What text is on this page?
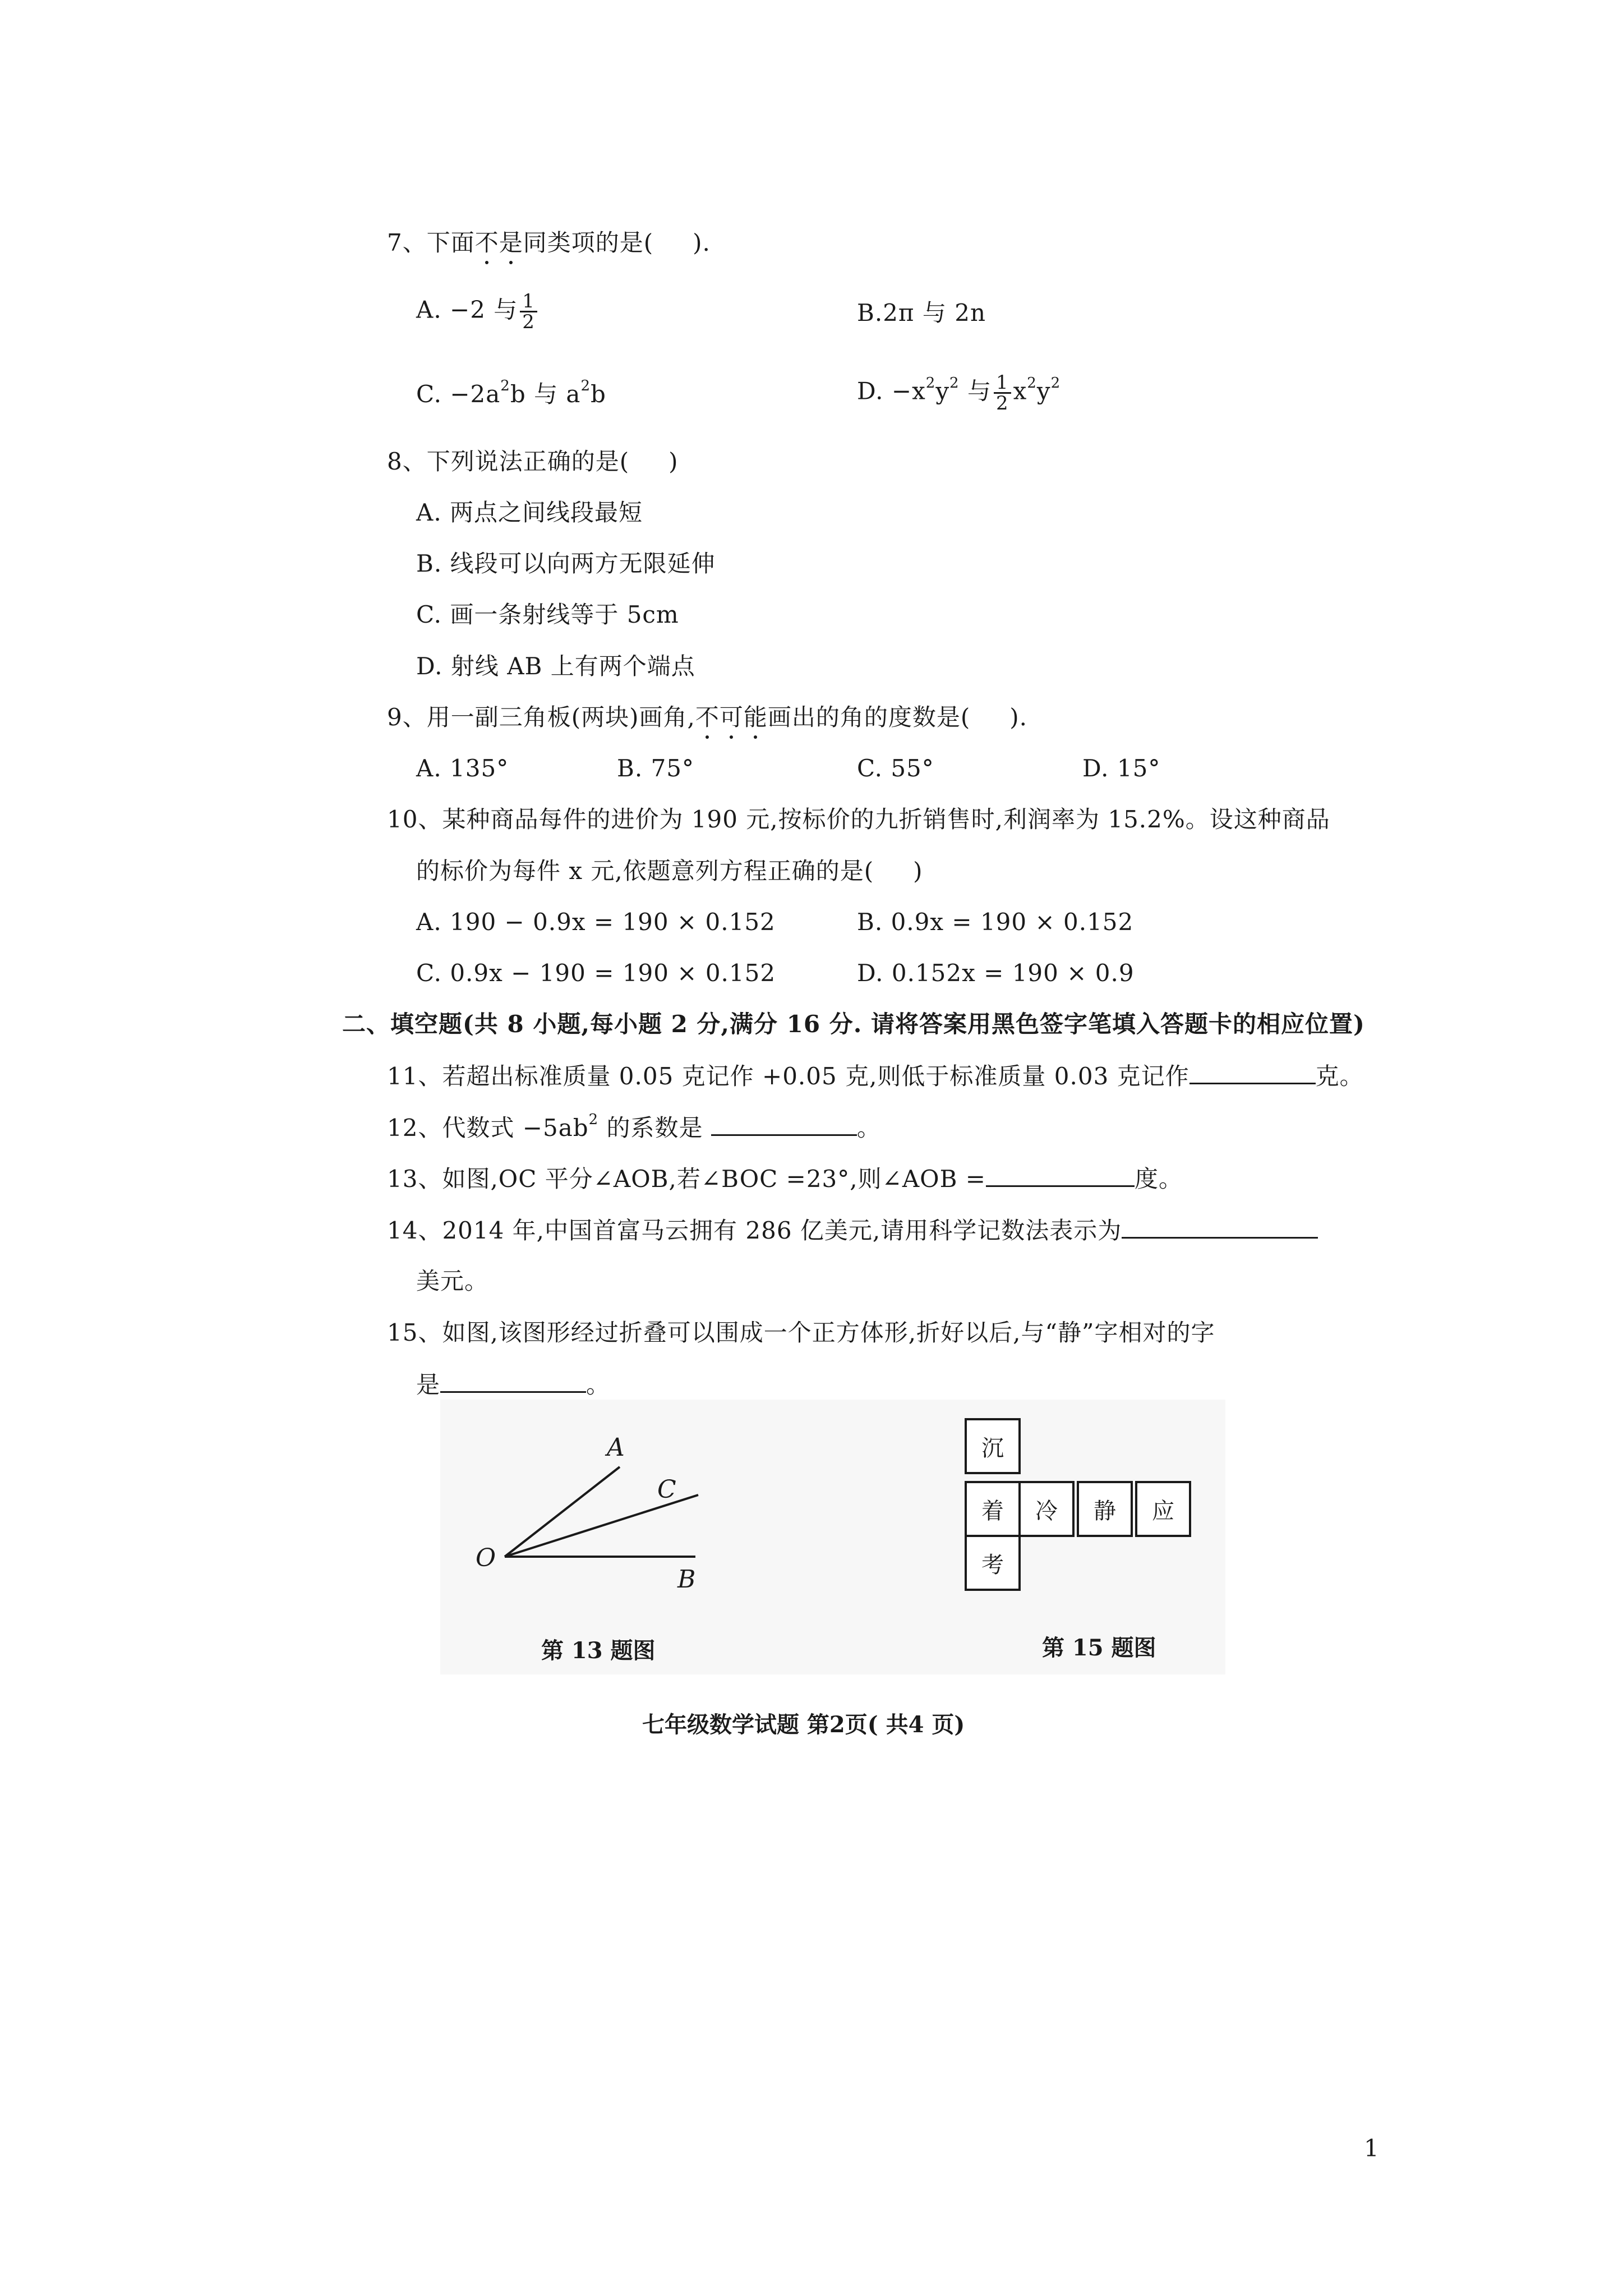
7、下面不是同类项的是( ).
A. −2 与 $\frac{1}{2}$	B.2π 与 2n
C. $-2a^2b$ 与 $a^2b$	D. $-x^2y^2$ 与 $\frac{1}{2} x^2y^2$
8、下列说法正确的是( )
A. 两点之间线段最短
B. 线段可以向两方无限延伸
C. 画一条射线等于 5cm
D. 射线 AB 上有两个端点
9、用一副三角板(两块)画角,不可能画出的角的度数是( ).
A. 135°	B. 75°	C. 55°	D. 15°
10、某种商品每件的进价为 190 元,按标价的九折销售时,利润率为 15.2%。设这种商品
的标价为每件 x 元,依题意列方程正确的是( )
A. 190 − 0.9x = 190 × 0.152	B. 0.9x = 190 × 0.152
C. 0.9x − 190 = 190 × 0.152	D. 0.152x = 190 × 0.9
二、填空题(共 8 小题,每小题 2 分,满分 16 分. 请将答案用黑色签字笔填入答题卡的相应位置)
11、若超出标准质量 0.05 克记作 +0.05 克,则低于标准质量 0.03 克记作	克。
12、代数式 $-5ab^2$ 的系数是	。
13、如图,OC 平分∠AOB,若∠BOC =23°,则∠AOB =	度。
14、2014 年,中国首富马云拥有 286 亿美元,请用科学记数法表示为
美元。
15、如图,该图形经过折叠可以围成一个正方体形,折好以后,与“静”字相对的字
是	。
A
C
O
B
第 13 题图
沉
着	冷	静	应
考
第 15 题图
七年级数学试题 第2页( 共4 页)
1
